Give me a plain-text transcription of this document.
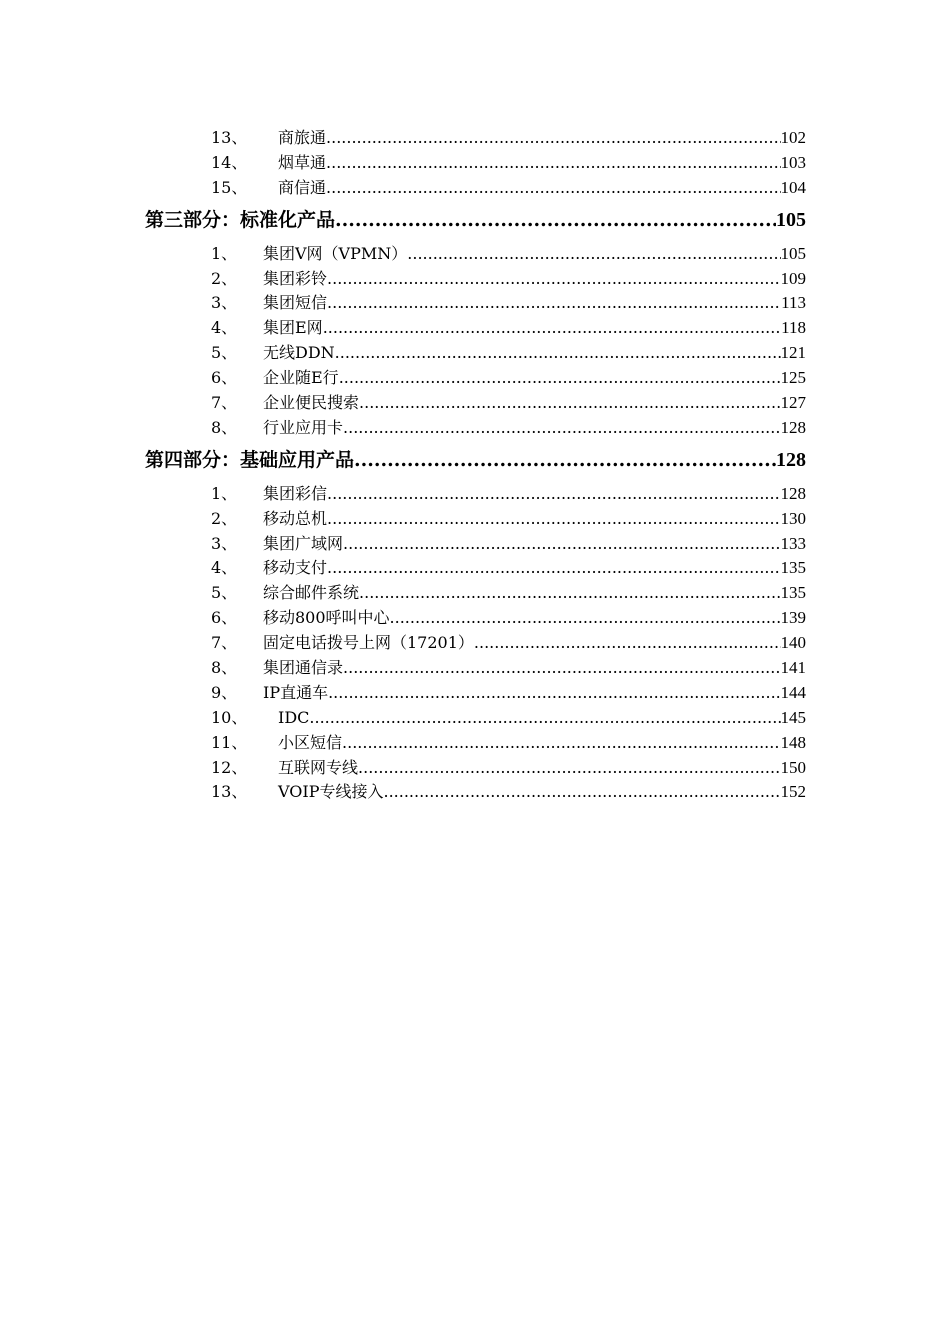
13、 商旅通 .....	102
14、 烟草通 .....	103
15、 商信通 .....	104
第三部分：标准化产品 .....	105
1、 集团V网（VPMN） .....	105
2、 集团彩铃 .....	109
3、 集团短信 .....	113
4、 集团E网 .....	118
5、 无线DDN .....	121
6、 企业随E行 .....	125
7、 企业便民搜索 .....	127
8、 行业应用卡 .....	128
第四部分：基础应用产品 .....	128
1、 集团彩信 .....	128
2、 移动总机 .....	130
3、 集团广域网 .....	133
4、 移动支付 .....	135
5、 综合邮件系统 .....	135
6、 移动800呼叫中心 .....	139
7、 固定电话拨号上网（17201） .....	140
8、 集团通信录 .....	141
9、 IP直通车 .....	144
10、 IDC .....	145
11、 小区短信 .....	148
12、 互联网专线 .....	150
13、 VOIP专线接入 .....	152
